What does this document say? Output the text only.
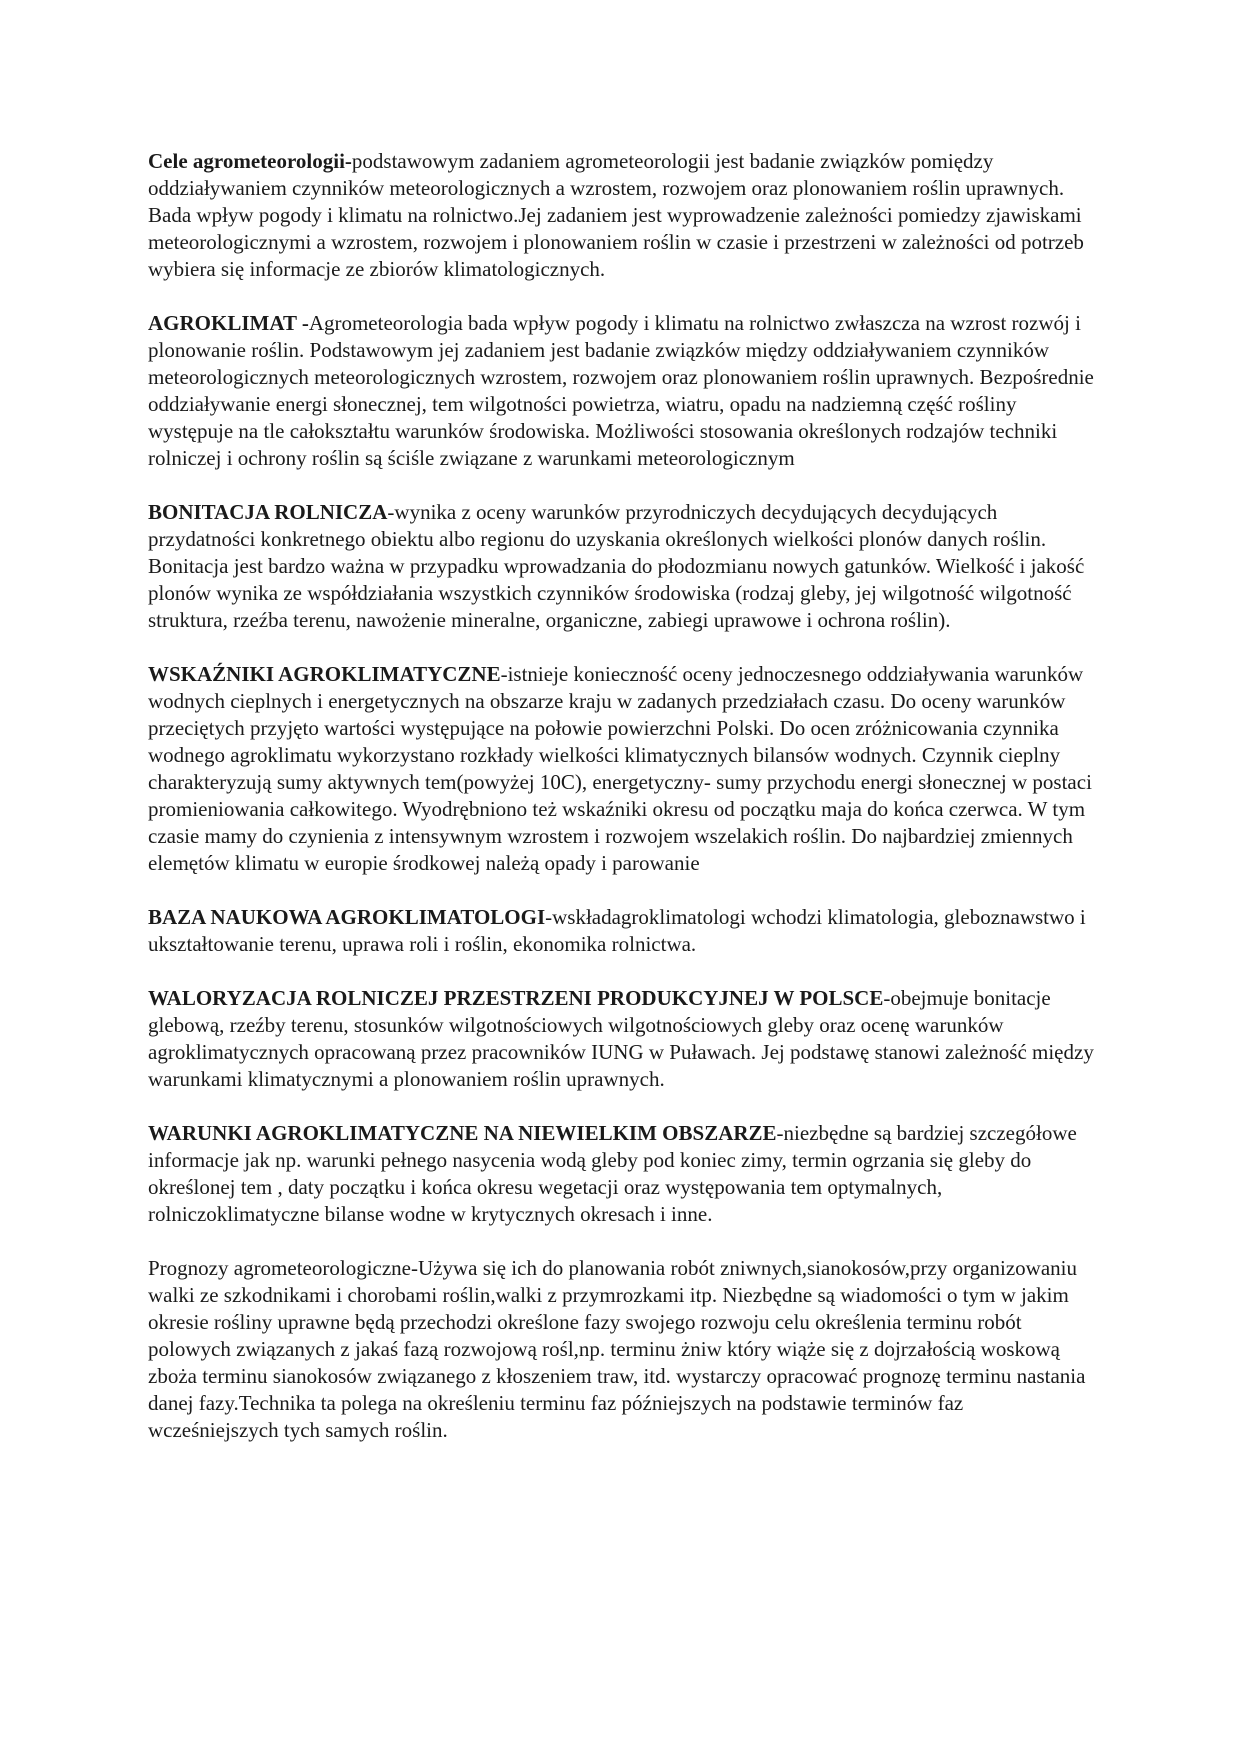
Cele agrometeorologii-podstawowym zadaniem agrometeorologii jest badanie związków pomiędzy oddziaływaniem czynników meteorologicznych a wzrostem, rozwojem oraz plonowaniem roślin uprawnych. Bada wpływ pogody i klimatu na rolnictwo.Jej zadaniem jest wyprowadzenie zależności pomiedzy zjawiskami meteorologicznymi a wzrostem, rozwojem i plonowaniem roślin w czasie i przestrzeni w zależności od potrzeb wybiera się informacje ze zbiorów klimatologicznych.

AGROKLIMAT -Agrometeorologia bada wpływ pogody i klimatu na rolnictwo zwłaszcza na wzrost rozwój i plonowanie roślin. Podstawowym jej zadaniem jest badanie związków między oddziaływaniem czynników meteorologicznych meteorologicznych wzrostem, rozwojem oraz plonowaniem roślin uprawnych. Bezpośrednie oddziaływanie energi słonecznej, tem wilgotności powietrza, wiatru, opadu na nadziemną część rośliny występuje na tle całokształtu warunków środowiska. Możliwości stosowania określonych rodzajów techniki rolniczej i ochrony roślin są ściśle związane z warunkami meteorologicznym

BONITACJA ROLNICZA-wynika z oceny warunków przyrodniczych decydujących decydujących przydatności konkretnego obiektu albo regionu do uzyskania określonych wielkości plonów danych roślin. Bonitacja jest bardzo ważna w przypadku wprowadzania do płodozmianu nowych gatunków. Wielkość i jakość plonów wynika ze współdziałania wszystkich czynników środowiska (rodzaj gleby, jej wilgotność wilgotność struktura, rzeźba terenu, nawożenie mineralne, organiczne, zabiegi uprawowe i ochrona roślin).

WSKAŹNIKI AGROKLIMATYCZNE-istnieje konieczność oceny jednoczesnego oddziaływania warunków wodnych cieplnych i energetycznych na obszarze kraju w zadanych przedziałach czasu. Do oceny warunków przeciętych przyjęto wartości występujące na połowie powierzchni Polski. Do ocen zróżnicowania czynnika wodnego agroklimatu wykorzystano rozkłady wielkości klimatycznych bilansów wodnych. Czynnik cieplny charakteryzują sumy aktywnych tem(powyżej 10C), energetyczny- sumy przychodu energi słonecznej w postaci promieniowania całkowitego. Wyodrębniono też wskaźniki okresu od początku maja do końca czerwca. W tym czasie mamy do czynienia z intensywnym wzrostem i rozwojem wszelakich roślin. Do najbardziej zmiennych elemętów klimatu w europie środkowej należą opady i parowanie

BAZA NAUKOWA AGROKLIMATOLOGI-wskładagroklimatologi wchodzi klimatologia, gleboznawstwo i ukształtowanie terenu, uprawa roli i roślin, ekonomika rolnictwa.

WALORYZACJA ROLNICZEJ PRZESTRZENI PRODUKCYJNEJ W POLSCE-obejmuje bonitacje glebową, rzeźby terenu, stosunków wilgotnościowych wilgotnościowych gleby oraz ocenę warunków agroklimatycznych opracowaną przez pracowników IUNG w Puławach. Jej podstawę stanowi zależność między warunkami klimatycznymi a plonowaniem roślin uprawnych.

WARUNKI AGROKLIMATYCZNE NA NIEWIELKIM OBSZARZE-niezbędne są bardziej szczegółowe informacje jak np. warunki pełnego nasycenia wodą gleby pod koniec zimy, termin ogrzania się gleby do określonej tem , daty początku i końca okresu wegetacji oraz występowania tem optymalnych, rolniczoklimatyczne bilanse wodne w krytycznych okresach i inne.

Prognozy agrometeorologiczne-Używa się ich do planowania robót zniwnych,sianokosów,przy organizowaniu walki ze szkodnikami i chorobami roślin,walki z przymrozkami itp. Niezbędne są wiadomości o tym w jakim okresie rośliny uprawne będą przechodzi określone fazy swojego rozwoju celu określenia terminu robót polowych związanych z jakaś fazą rozwojową rośl,np. terminu żniw który wiąże się z dojrzałością woskową zboża terminu sianokosów związanego z kłoszeniem traw, itd. wystarczy opracować prognozę terminu nastania danej fazy.Technika ta polega na określeniu terminu faz późniejszych na podstawie terminów faz wcześniejszych tych samych roślin.
